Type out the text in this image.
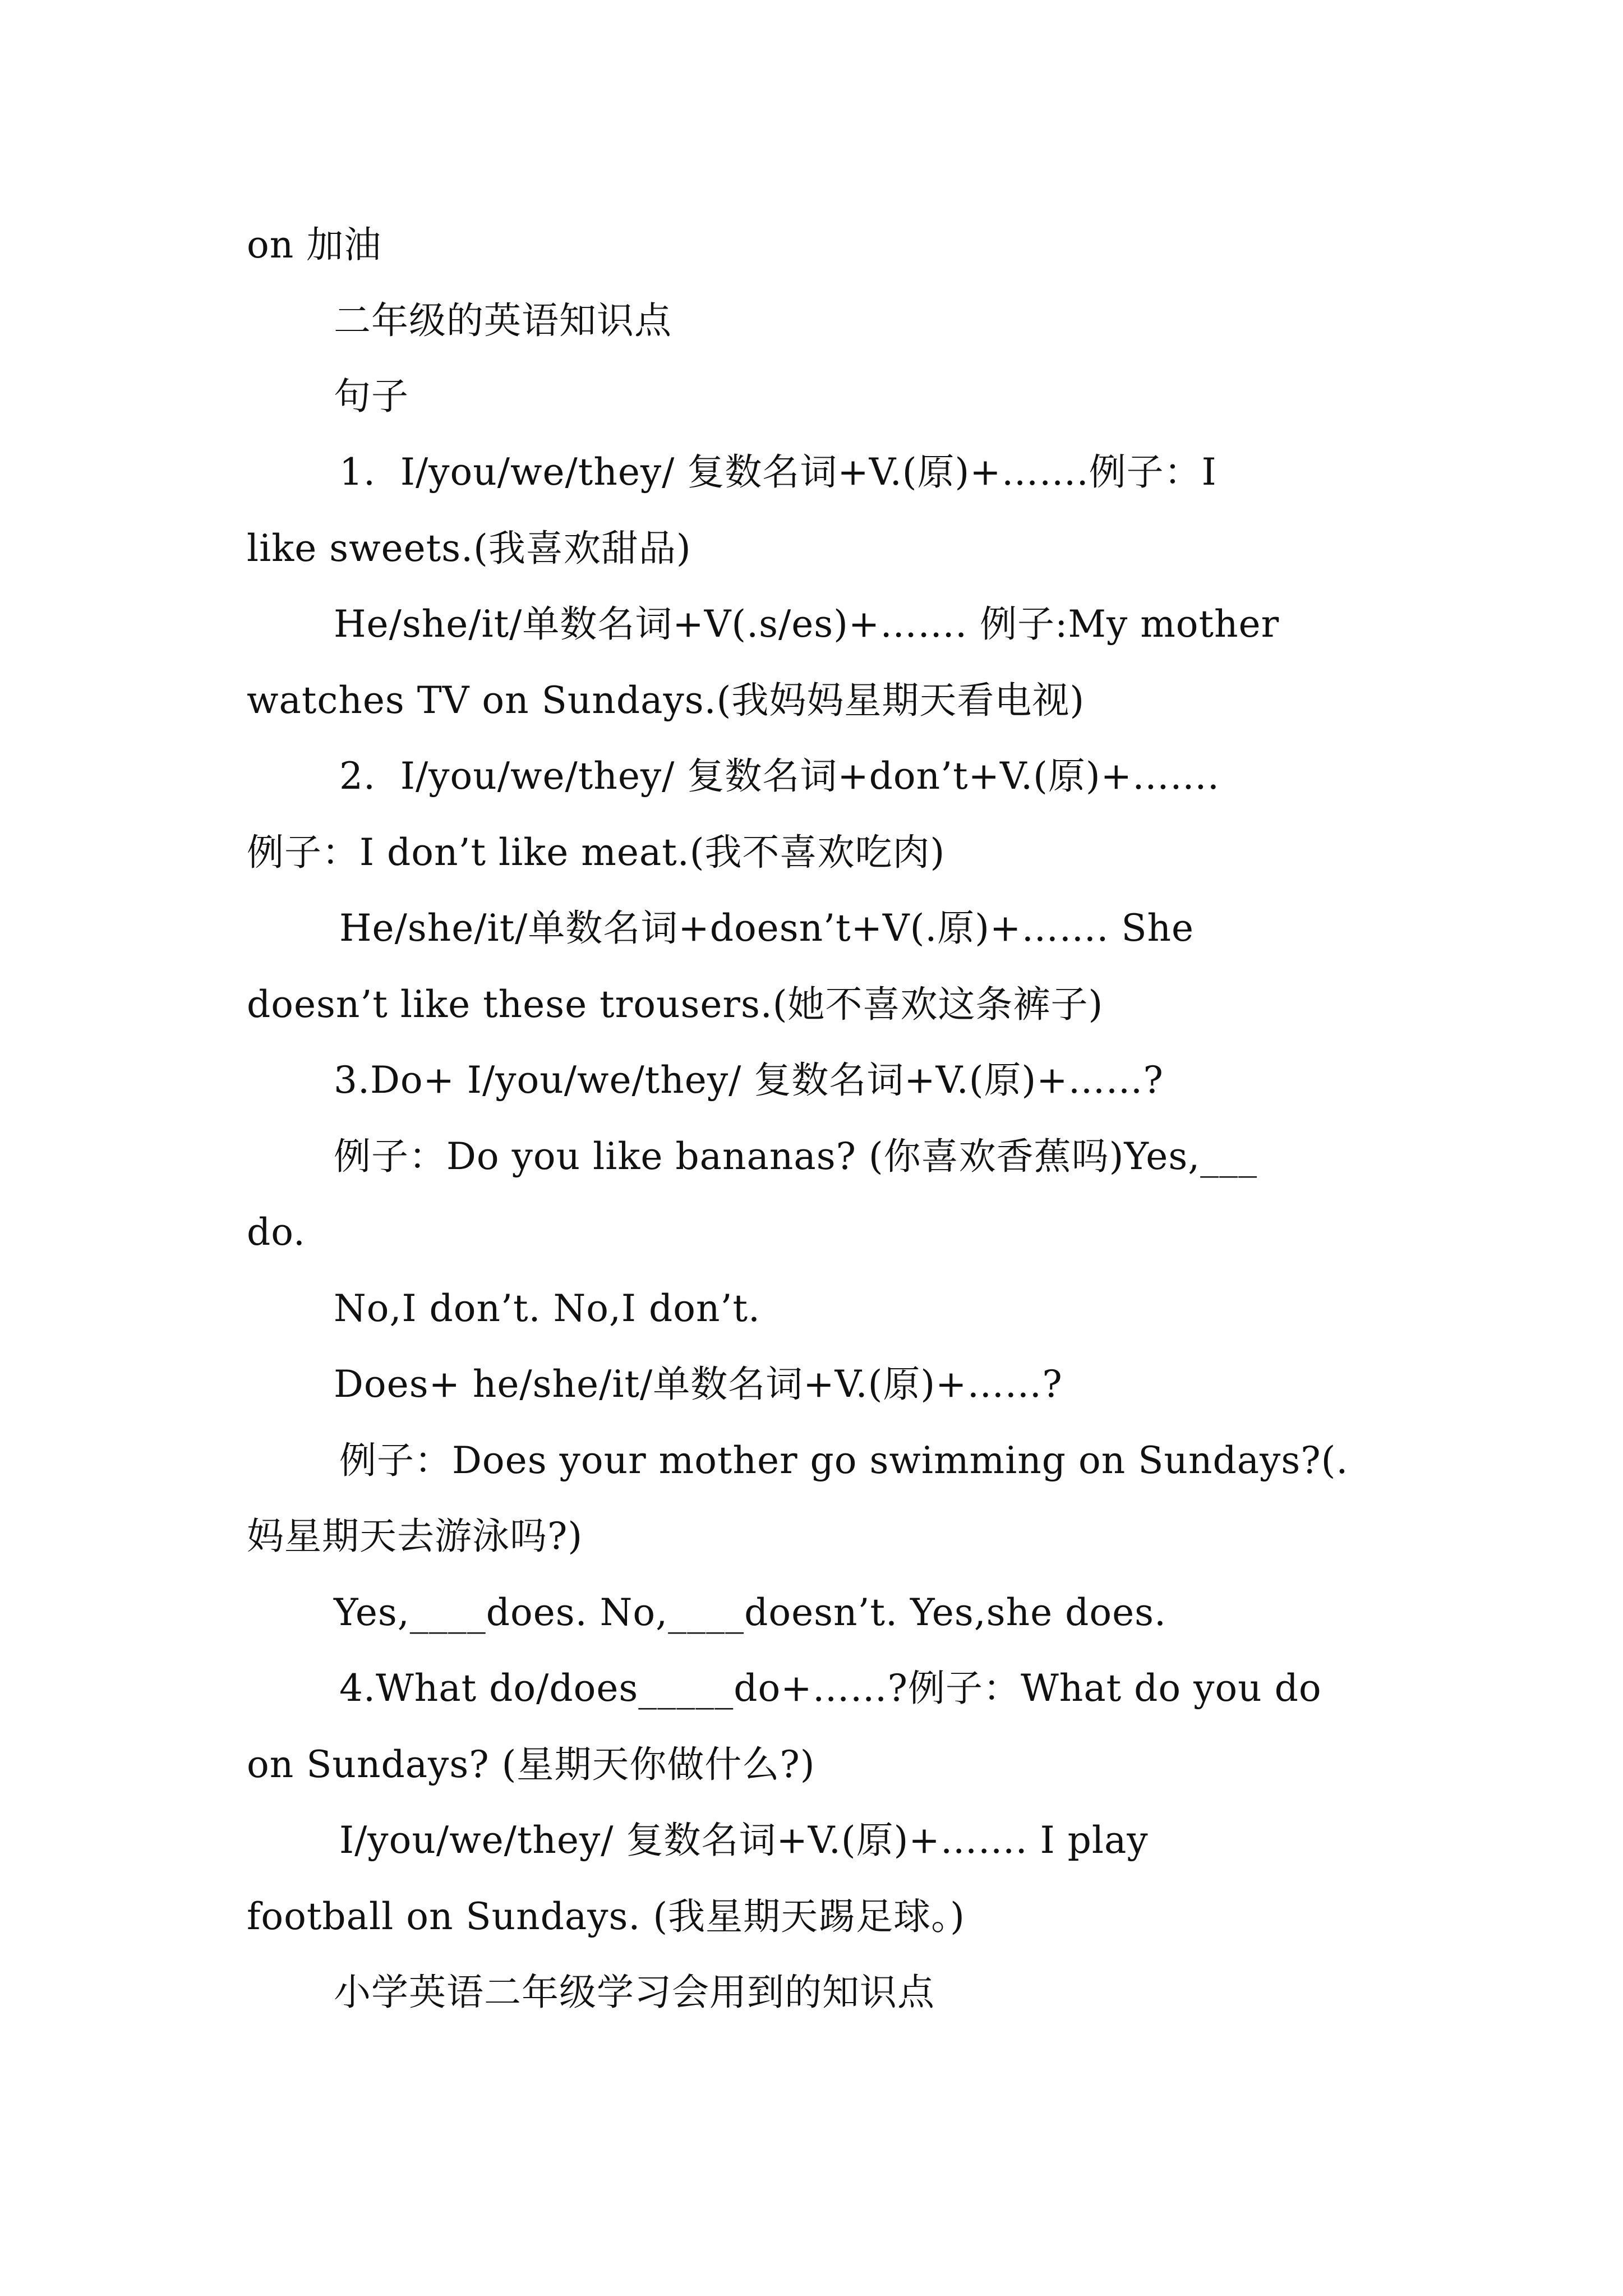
on 加油
二年级的英语知识点
句子
1.  I/you/we/they/ 复数名词+V.(原)+…….例子：I
like sweets.(我喜欢甜品)
He/she/it/单数名词+V(.s/es)+……. 例子:My mother
watches TV on Sundays.(我妈妈星期天看电视)
2.  I/you/we/they/ 复数名词+don’t+V.(原)+…….
例子：I don’t like meat.(我不喜欢吃肉)
He/she/it/单数名词+doesn’t+V(.原)+……. She
doesn’t like these trousers.(她不喜欢这条裤子)
3.Do+ I/you/we/they/ 复数名词+V.(原)+……?
例子：Do you like bananas? (你喜欢香蕉吗)Yes,___
do.
No,I don’t. No,I don’t.
Does+ he/she/it/单数名词+V.(原)+……?
例子：Does your mother go swimming on Sundays?(.
妈星期天去游泳吗?)
Yes,____does. No,____doesn’t. Yes,she does.
4.What do/does_____do+……?例子：What do you do
on Sundays? (星期天你做什么?)
I/you/we/they/ 复数名词+V.(原)+……. I play
football on Sundays. (我星期天踢足球。)
小学英语二年级学习会用到的知识点
